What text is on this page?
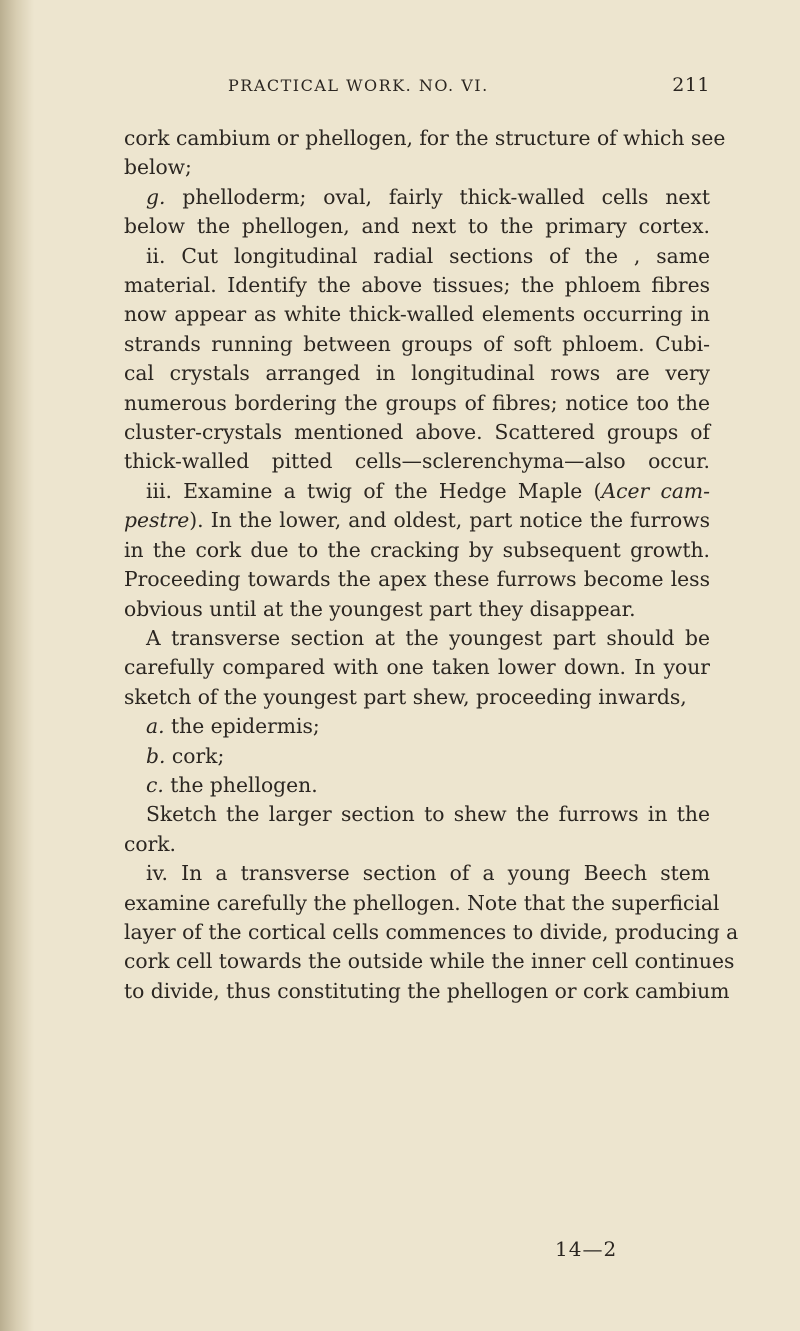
PRACTICAL WORK. NO. VI.	211
cork cambium or phellogen, for the structure of which see
below;
g. phelloderm; oval, fairly thick-walled cells next
below the phellogen, and next to the primary cortex.
ii. Cut longitudinal radial sections of the , same
material. Identify the above tissues; the phloem fibres
now appear as white thick-walled elements occurring in
strands running between groups of soft phloem. Cubi-
cal crystals arranged in longitudinal rows are very
numerous bordering the groups of fibres; notice too the
cluster-crystals mentioned above. Scattered groups of
thick-walled pitted cells—sclerenchyma—also occur.
iii. Examine a twig of the Hedge Maple (Acer cam-
pestre). In the lower, and oldest, part notice the furrows
in the cork due to the cracking by subsequent growth.
Proceeding towards the apex these furrows become less
obvious until at the youngest part they disappear.
A transverse section at the youngest part should be
carefully compared with one taken lower down. In your
sketch of the youngest part shew, proceeding inwards,
a. the epidermis;
b. cork;
c. the phellogen.
Sketch the larger section to shew the furrows in the
cork.
iv. In a transverse section of a young Beech stem
examine carefully the phellogen. Note that the superficial
layer of the cortical cells commences to divide, producing a
cork cell towards the outside while the inner cell continues
to divide, thus constituting the phellogen or cork cambium
14—2
